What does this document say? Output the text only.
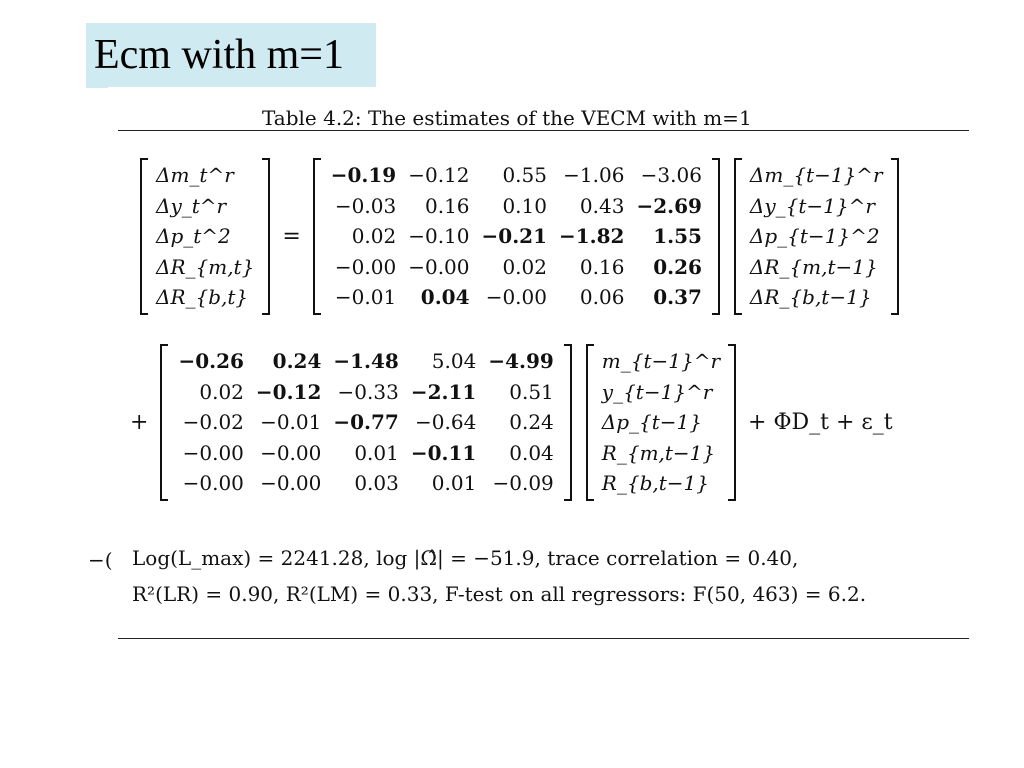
Ecm with m=1
Table 4.2: The estimates of the VECM with m=1
Δm_t^r
Δy_t^r
Δp_t^2
ΔR_{m,t}
ΔR_{b,t}
=
−0.19	−0.12	0.55	−1.06	−3.06
−0.03	0.16	0.10	0.43	−2.69
0.02	−0.10	−0.21	−1.82	1.55
−0.00	−0.00	0.02	0.16	0.26
−0.01	0.04	−0.00	0.06	0.37
Δm_{t−1}^r
Δy_{t−1}^r
Δp_{t−1}^2
ΔR_{m,t−1}
ΔR_{b,t−1}
+
−0.26	0.24	−1.48	5.04	−4.99
0.02	−0.12	−0.33	−2.11	0.51
−0.02	−0.01	−0.77	−0.64	0.24
−0.00	−0.00	0.01	−0.11	0.04
−0.00	−0.00	0.03	0.01	−0.09
m_{t−1}^r
y_{t−1}^r
Δp_{t−1}
R_{m,t−1}
R_{b,t−1}
+ ΦD_t + ε_t
−( Log(L_max) = 2241.28, log |Ω̂| = −51.9, trace correlation = 0.40,
R²(LR) = 0.90, R²(LM) = 0.33, F-test on all regressors: F(50, 463) = 6.2.
